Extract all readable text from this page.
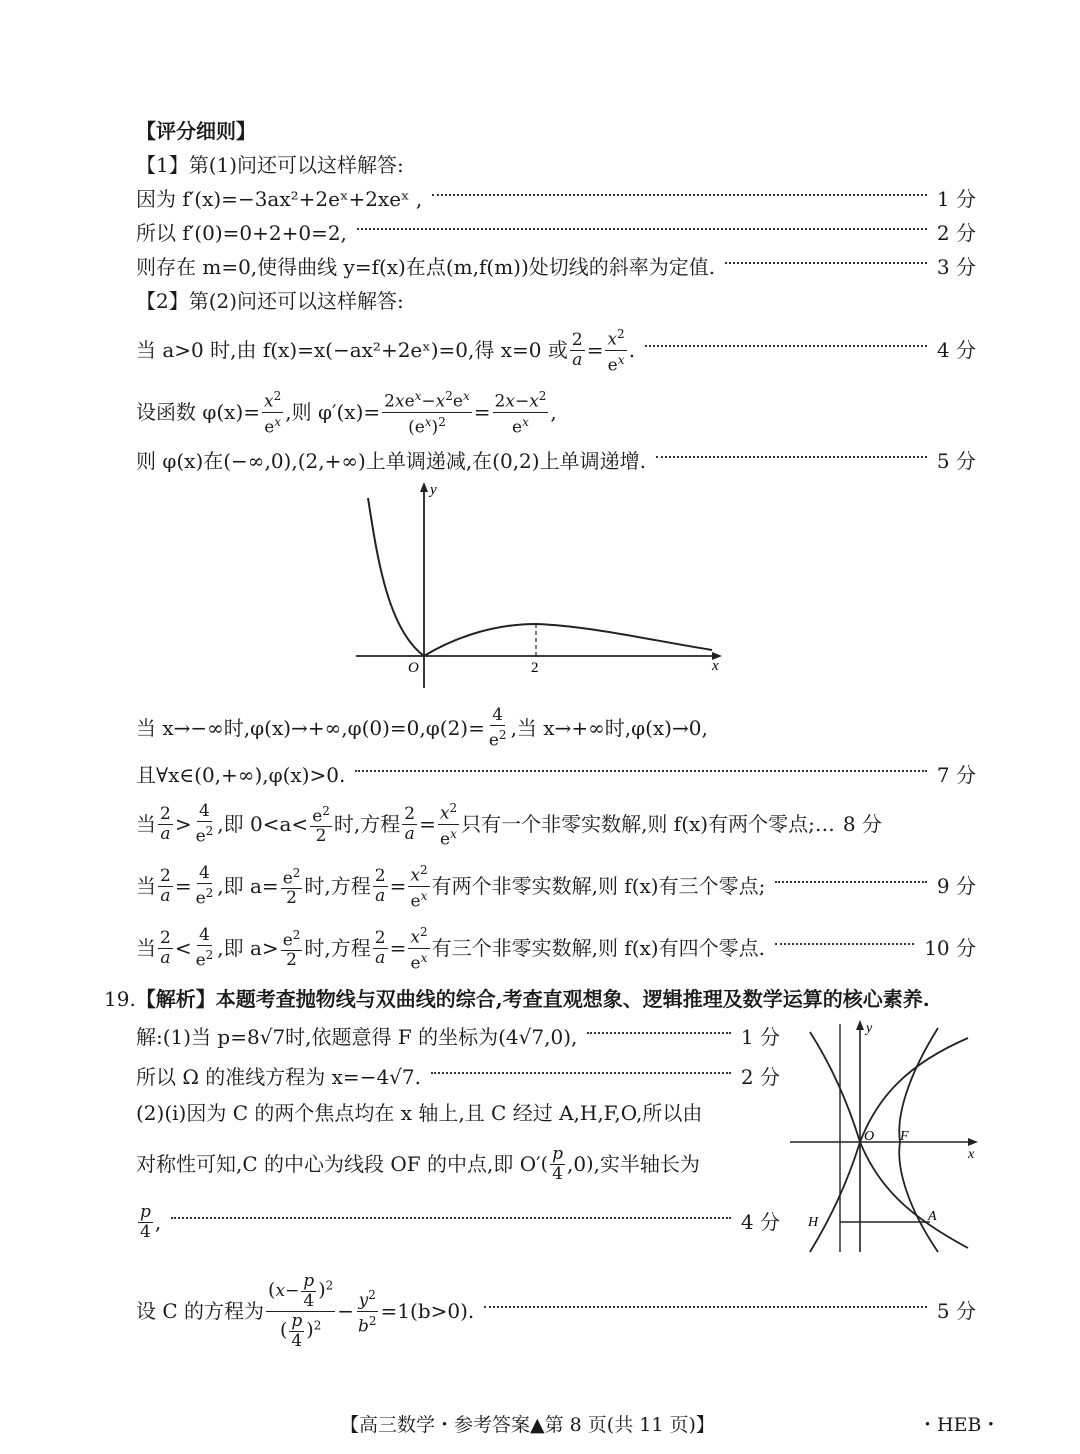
【评分细则】
【1】第(1)问还可以这样解答:
因为 f′(x)=−3ax²+2eˣ+2xeˣ ,	1 分
所以 f′(0)=0+2+0=2,	2 分
则存在 m=0,使得曲线 y=f(x)在点(m,f(m))处切线的斜率为定值.	3 分
【2】第(2)问还可以这样解答:
当 a>0 时,由 f(x)=x(−ax²+2eˣ)=0,得 x=0 或 $\frac{2}{a} = \frac{x^2}{e^x}$ .	4 分
设函数 $\varphi(x)= \frac{x^2}{e^x}$ ,则 $\varphi'(x)= \frac{2xe^x-x^2e^x}{(e^x)^2} = \frac{2x-x^2}{e^x}$ ,
则 φ(x)在(−∞,0),(2,+∞)上单调递减,在(0,2)上单调递增.	5 分
y
x
O	2
当 x→−∞时$,\varphi(x)\to+\infty,\varphi(0)=0,\varphi(2)= \frac{4}{e^2}$ ,当 x→+∞时,φ(x)→0,
且∀x∈(0,+∞),φ(x)>0.	7 分
当 $\frac{2}{a} > \frac{4}{e^2}$ ,即 $0<a< \frac{e^2}{2}$ 时,方程 $\frac{2}{a} = \frac{x^2}{e^x}$ 只有一个非零实数解,则 f(x)有两个零点;… 8 分
当 $\frac{2}{a} = \frac{4}{e^2}$ ,即 $a= \frac{e^2}{2}$ 时,方程 $\frac{2}{a} = \frac{x^2}{e^x}$ 有两个非零实数解,则 f(x)有三个零点;	9 分
当 $\frac{2}{a} < \frac{4}{e^2}$ ,即 $a> \frac{e^2}{2}$ 时,方程 $\frac{2}{a} = \frac{x^2}{e^x}$ 有三个非零实数解,则 f(x)有四个零点.	10 分
19. 【解析】本题考查抛物线与双曲线的综合,考查直观想象、逻辑推理及数学运算的核心素养.
解:(1)当 p=8√7时,依题意得 F 的坐标为(4√7,0),	1 分
所以 Ω 的准线方程为 x=−4√7.	2 分
(2)(ⅰ)因为 C 的两个焦点均在 x 轴上,且 C 经过 A,H,F,O,所以由
对称性可知,C 的中心为线段 OF 的中点,即 O′ ( $\frac{p}{4} ,0$ ) ,实半轴长为
$\frac{p}{4}$ ,	4 分
y
x
O F
H	A
设 C 的方程为 $\frac{(x- \frac{p}{4} )^2}{( \frac{p}{4} )^2} - \frac{y^2}{b^2} =1(b>0)$.	5 分
【高三数学・参考答案▲第 8 页(共 11 页)】	・HEB・
